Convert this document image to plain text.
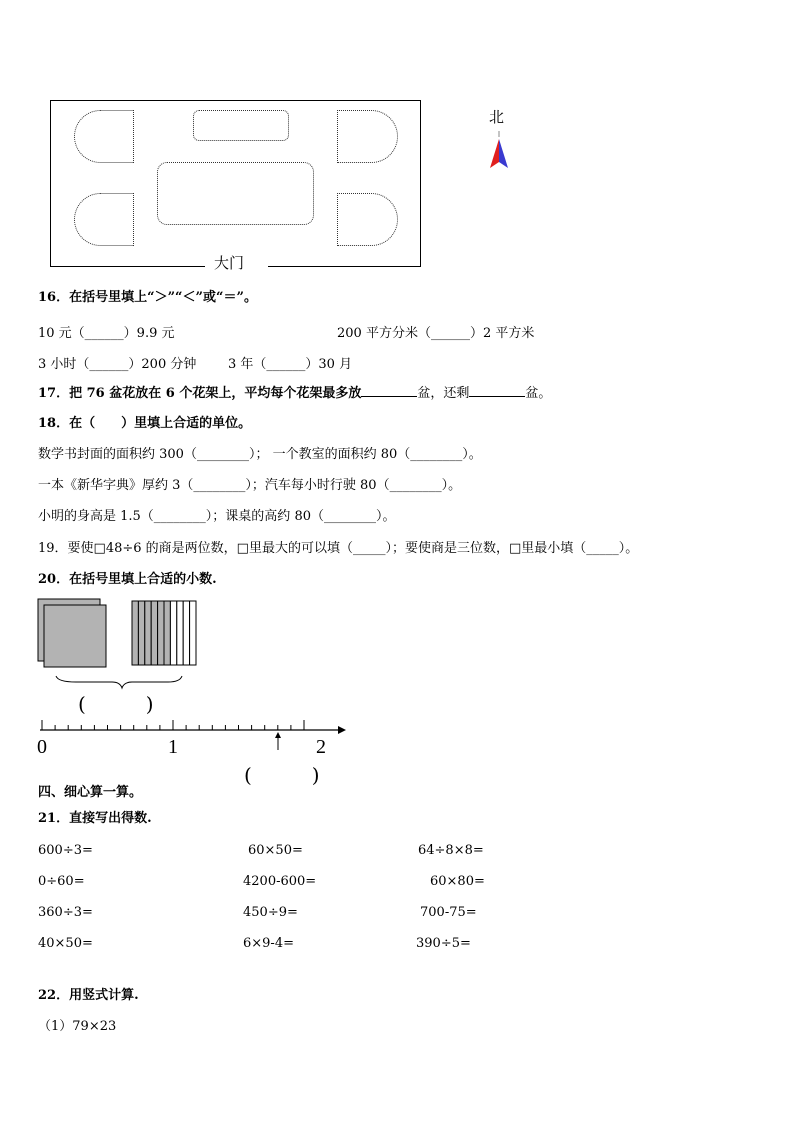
大门
北
16．在括号里填上“＞”“＜”或“＝”。
10 元（______）9.9 元	200 平方分米（______）2 平方米
3 小时（______）200 分钟 3 年（______）30 月
17．把 76 盆花放在 6 个花架上，平均每个花架最多放	盆，还剩	盆。
18．在（　　）里填上合适的单位。
数学书封面的面积约 300（________）； 一个教室的面积约 80（________）。
一本《新华字典》厚约 3（________）；汽车每小时行驶 80（________）。
小明的身高是 1.5（________）；课桌的高约 80（________）。
19．要使□48÷6 的商是两位数，□里最大的可以填（_____）；要使商是三位数，□里最小填（_____）。
20．在括号里填上合适的小数.
(　　　)
0	1	2
(　　　)
四、细心算一算。
21．直接写出得数.
600÷3=	60×50=	64÷8×8=
0÷60=	4200-600=	60×80=
360÷3=	450÷9=	700-75=
40×50=	6×9-4=	390÷5=
22．用竖式计算.
（1）79×23
